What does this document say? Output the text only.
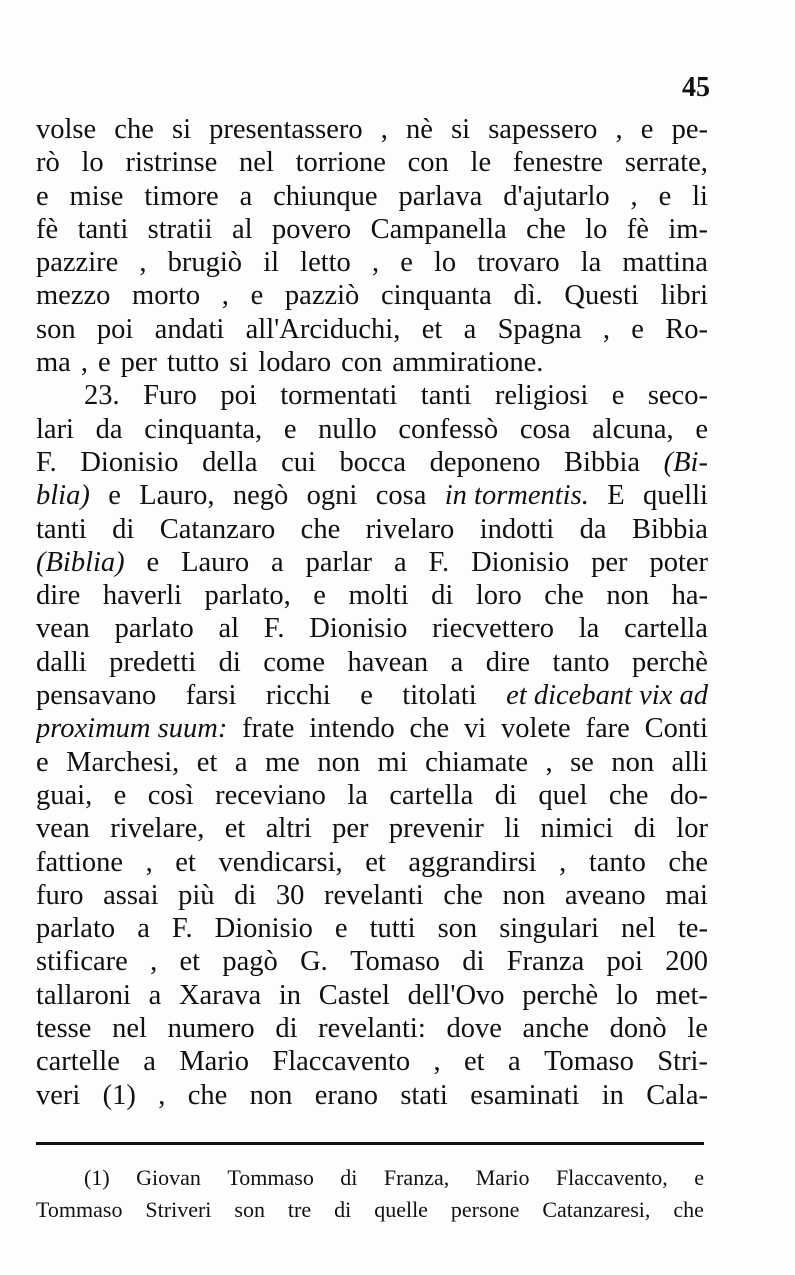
45
volse che si presentassero , nè si sapessero , e pe-
rò lo ristrinse nel torrione con le fenestre serrate,
e mise timore a chiunque parlava d'ajutarlo , e li
fè tanti stratii al povero Campanella che lo fè im-
pazzire , brugiò il letto , e lo trovaro la mattina
mezzo morto , e pazziò cinquanta dì. Questi libri
son poi andati all'Arciduchi, et a Spagna , e Ro-
ma , e per tutto si lodaro con ammiratione.
23. Furo poi tormentati tanti religiosi e seco-
lari da cinquanta, e nullo confessò cosa alcuna, e
F. Dionisio della cui bocca deponeno Bibbia (Bi-
blia) e Lauro, negò ogni cosa in tormentis. E quelli
tanti di Catanzaro che rivelaro indotti da Bibbia
(Biblia) e Lauro a parlar a F. Dionisio per poter
dire haverli parlato, e molti di loro che non ha-
vean parlato al F. Dionisio riecvettero la cartella
dalli predetti di come havean a dire tanto perchè
pensavano farsi ricchi e titolati et dicebant vix ad
proximum suum: frate intendo che vi volete fare Conti
e Marchesi, et a me non mi chiamate , se non alli
guai, e così receviano la cartella di quel che do-
vean rivelare, et altri per prevenir li nimici di lor
fattione , et vendicarsi, et aggrandirsi , tanto che
furo assai più di 30 revelanti che non aveano mai
parlato a F. Dionisio e tutti son singulari nel te-
stificare , et pagò G. Tomaso di Franza poi 200
tallaroni a Xarava in Castel dell'Ovo perchè lo met-
tesse nel numero di revelanti: dove anche donò le
cartelle a Mario Flaccavento , et a Tomaso Stri-
veri (1) , che non erano stati esaminati in Cala-
(1) Giovan Tommaso di Franza, Mario Flaccavento, e
Tommaso Striveri son tre di quelle persone Catanzaresi, che
